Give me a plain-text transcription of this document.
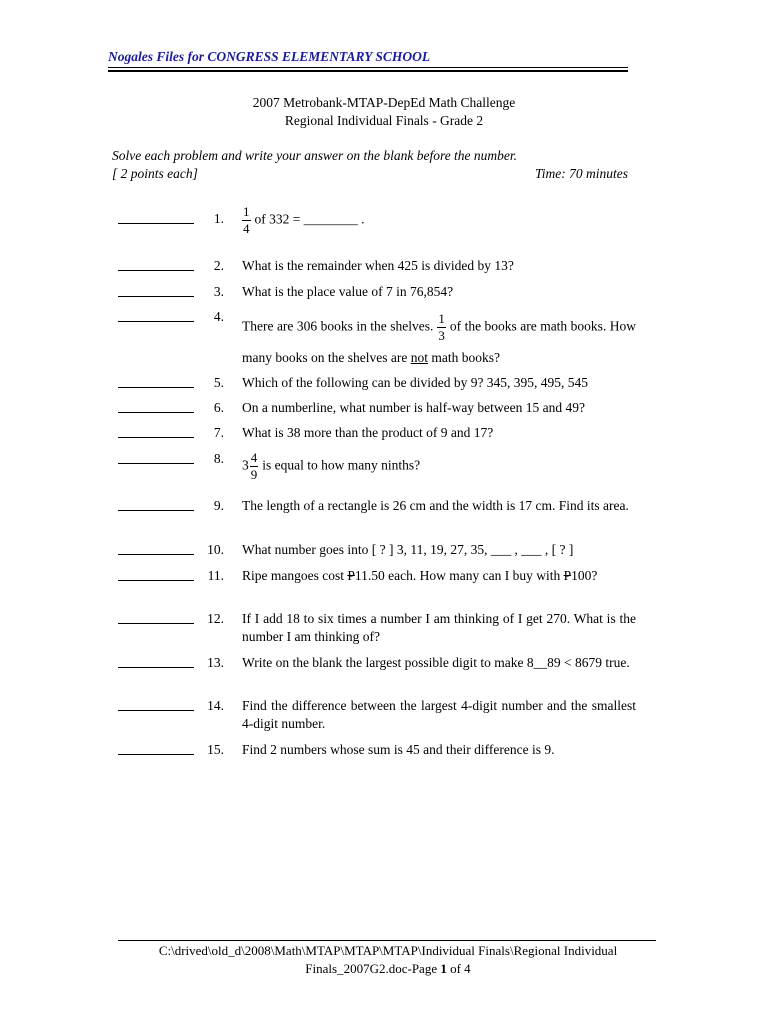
Nogales Files for CONGRESS ELEMENTARY SCHOOL
2007 Metrobank-MTAP-DepEd Math Challenge
Regional Individual Finals - Grade 2
Solve each problem and write your answer on the blank before the number.
[ 2 points each]	Time: 70 minutes
1. $\frac{1}{4}$ of 332 = ________ .
2. What is the remainder when 425 is divided by 13?
3. What is the place value of 7 in 76,854?
4.
There are 306 books in the shelves. $\frac{1}{3}$ of the books are math books. How many books on the shelves are not math books?
5. Which of the following can be divided by 9? 345, 395, 495, 545
6. On a numberline, what number is half-way between 15 and 49?
7. What is 38 more than the product of 9 and 17?
8. $3 \frac{4}{9}$ is equal to how many ninths?
9. The length of a rectangle is 26 cm and the width is 17 cm. Find its area.
10. What number goes into [ ? ] 3, 11, 19, 27, 35, ___ , ___ , [ ? ]
11. Ripe mangoes cost P11.50 each. How many can I buy with P100?
12. If I add 18 to six times a number I am thinking of I get 270. What is the number I am thinking of?
13. Write on the blank the largest possible digit to make 8__89 < 8679 true.
14. Find the difference between the largest 4-digit number and the smallest 4-digit number.
15. Find 2 numbers whose sum is 45 and their difference is 9.
C:\drived\old_d\2008\Math\MTAP\MTAP\MTAP\Individual Finals\Regional Individual
Finals_2007G2.doc-Page 1 of 4
